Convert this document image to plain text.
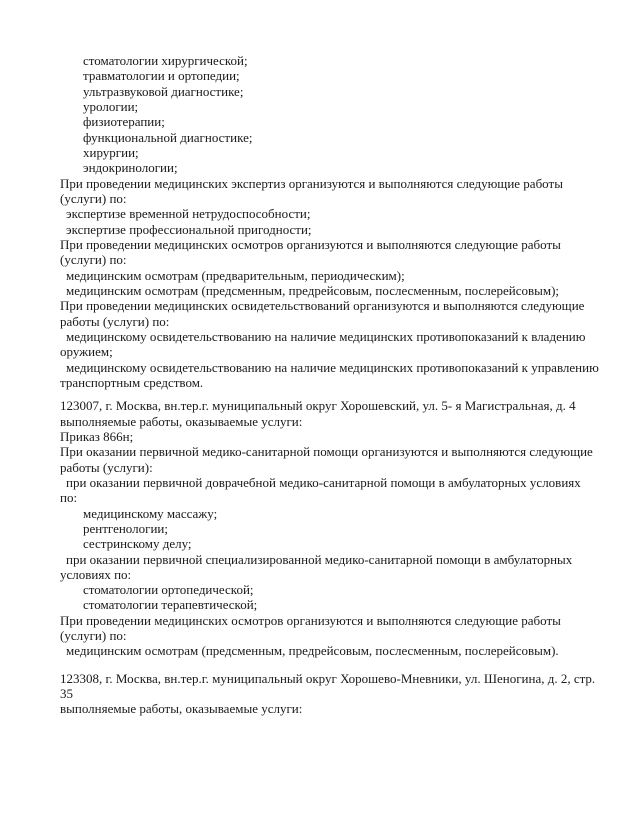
стоматологии хирургической;
травматологии и ортопедии;
ультразвуковой диагностике;
урологии;
физиотерапии;
функциональной диагностике;
хирургии;
эндокринологии;
При проведении медицинских экспертиз организуются и выполняются следующие работы
(услуги) по:
экспертизе временной нетрудоспособности;
экспертизе профессиональной пригодности;
При проведении медицинских осмотров организуются и выполняются следующие работы
(услуги) по:
медицинским осмотрам (предварительным, периодическим);
медицинским осмотрам (предсменным, предрейсовым, послесменным, послерейсовым);
При проведении медицинских освидетельствований организуются и выполняются следующие
работы (услуги) по:
медицинскому освидетельствованию на наличие медицинских противопоказаний к владению
оружием;
медицинскому освидетельствованию на наличие медицинских противопоказаний к управлению
транспортным средством.
123007, г. Москва, вн.тер.г. муниципальный округ Хорошевский, ул. 5- я Магистральная, д. 4
выполняемые работы, оказываемые услуги:
Приказ 866н;
При оказании первичной медико-санитарной помощи организуются и выполняются следующие
работы (услуги):
при оказании первичной доврачебной медико-санитарной помощи в амбулаторных условиях
по:
медицинскому массажу;
рентгенологии;
сестринскому делу;
при оказании первичной специализированной медико-санитарной помощи в амбулаторных
условиях по:
стоматологии ортопедической;
стоматологии терапевтической;
При проведении медицинских осмотров организуются и выполняются следующие работы
(услуги) по:
медицинским осмотрам (предсменным, предрейсовым, послесменным, послерейсовым).
123308, г. Москва, вн.тер.г. муниципальный округ Хорошево-Мневники, ул. Шеногина, д. 2, стр.
35
выполняемые работы, оказываемые услуги:
